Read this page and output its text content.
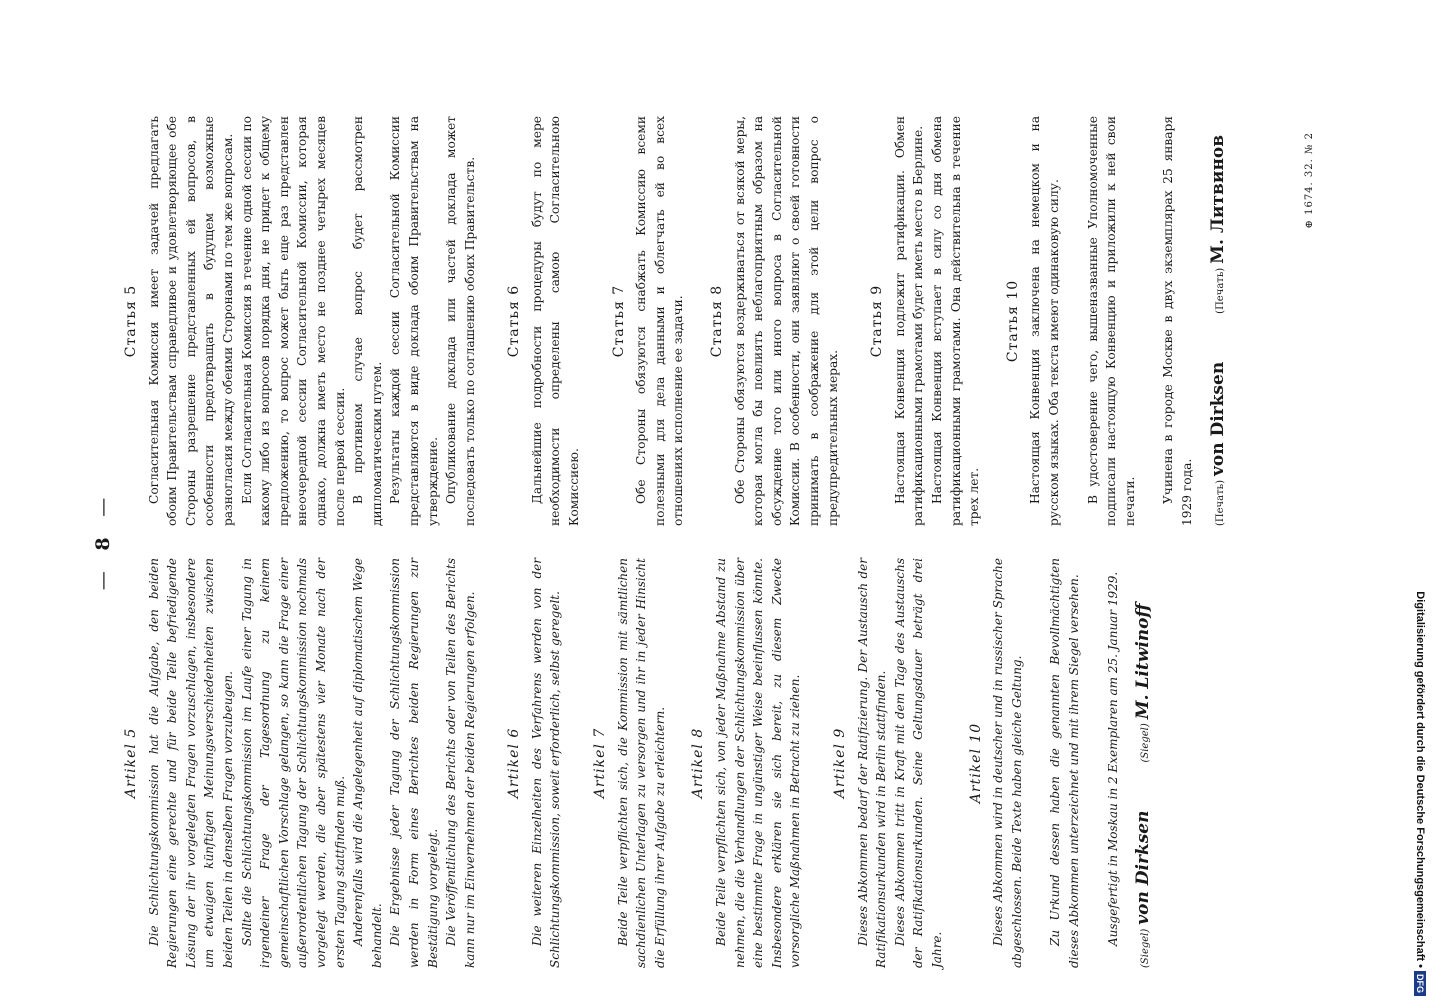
— 8 —
Artikel 5 Die Schlichtungskommission hat die Aufgabe, den beiden Regierungen eine gerechte und für beide Teile befriedigende Lösung der ihr vorgelegten Fragen vorzuschlagen, insbesondere um etwaigen künftigen Meinungsverschiedenheiten zwischen beiden Teilen in denselben Fragen vorzubeugen. Sollte die Schlichtungskommission im Laufe einer Tagung in irgendeiner Frage der Tagesordnung zu keinem gemeinschaftlichen Vorschlage gelangen, so kann die Frage einer außerordentlichen Tagung der Schlichtungskommission nochmals vorgelegt werden, die aber spätestens vier Monate nach der ersten Tagung stattfinden muß. Anderenfalls wird die Angelegenheit auf diplomatischem Wege behandelt. Die Ergebnisse jeder Tagung der Schlichtungskommission werden in Form eines Berichtes beiden Regierungen zur Bestätigung vorgelegt. Die Veröffentlichung des Berichts oder von Teilen des Berichts kann nur im Einvernehmen der beiden Regierungen erfolgen. Artikel 6 Die weiteren Einzelheiten des Verfahrens werden von der Schlichtungskommission, soweit erforderlich, selbst geregelt. Artikel 7 Beide Teile verpflichten sich, die Kommission mit sämtlichen sachdienlichen Unterlagen zu versorgen und ihr in jeder Hinsicht die Erfüllung ihrer Aufgabe zu erleichtern. Artikel 8 Beide Teile verpflichten sich, von jeder Maßnahme Abstand zu nehmen, die die Verhandlungen der Schlichtungskommission über eine bestimmte Frage in ungünstiger Weise beeinflussen könnte. Insbesondere erklären sie sich bereit, zu diesem Zwecke vorsorgliche Maßnahmen in Betracht zu ziehen. Artikel 9 Dieses Abkommen bedarf der Ratifizierung. Der Austausch der Ratifikationsurkunden wird in Berlin stattfinden. Dieses Abkommen tritt in Kraft mit dem Tage des Austauschs der Ratifikationsurkunden. Seine Geltungsdauer beträgt drei Jahre.

Artikel 10 Dieses Abkommen wird in deutscher und in russischer Sprache abgeschlossen. Beide Texte haben gleiche Geltung. Zu Urkund dessen haben die genannten Bevollmächtigten dieses Abkommen unterzeichnet und mit ihrem Siegel versehen. Ausgefertigt in Moskau in 2 Exemplaren am 25. Januar 1929.

(Siegel)
von Dirksen
(Siegel)
M. Litwinoff
Статья 5 Согласительная Комиссия имеет задачей предлагать обоим Правительствам справедливое и удовлетворяющее обе Стороны разрешение представленных ей вопросов, в особенности предотвращать в будущем возможные разногласия между обеими Сторонами по тем же вопросам. Если Согласительная Комиссия в течение одной сессии по какому либо из вопросов порядка дня, не придет к общему предложению, то вопрос может быть еще раз представлен внеочередной сессии Согласительной Комиссии, которая однако, должна иметь место не позднее четырех месяцев после первой сессии. В противном случае вопрос будет рассмотрен дипломатическим путем. Результаты каждой сессии Согласительной Комиссии представляются в виде доклада обоим Правительствам на утверждение. Опубликование доклада или частей доклада может последовать только по соглашению обоих Правительств. Статья 6 Дальнейшие подробности процедуры будут по мере необходимости определены самою Согласительною Комиссиею.

Статья 7 Обе Стороны обязуются снабжать Комиссию всеми полезными для дела данными и облегчать ей во всех отношениях исполнение ее задачи. Статья 8 Обе Стороны обязуются воздерживаться от всякой меры, которая могла бы повлиять неблагоприятным образом на обсуждение того или иного вопроса в Согласительной Комиссии. В особенности, они заявляют о своей готовности принимать в соображение для этой цели вопрос о предупредительных мерах.

Статья 9 Настоящая Конвенция подлежит ратификации. Обмен ратификационными грамотами будет иметь место в Берлине. Настоящая Конвенция вступает в силу со дня обмена ратификационными грамотами. Она действительна в течение трех лет.

Статья 10 Настоящая Конвенция заключена на немецком и на русском языках. Оба текста имеют одинаковую силу. В удостоверение чего, вышеназванные Уполномоченные подписали настоящую Конвенцию и приложили к ней свои печати. Учинена в городе Москве в двух экземплярах 25 января 1929 года.	(Печать)
von Dirksen
(Печать)
М. Литвинов	⊕ 1674. 32. № 2
Digitalisierung gefördert durch die Deutsche Forschungsgemeinschaft •
DFG
